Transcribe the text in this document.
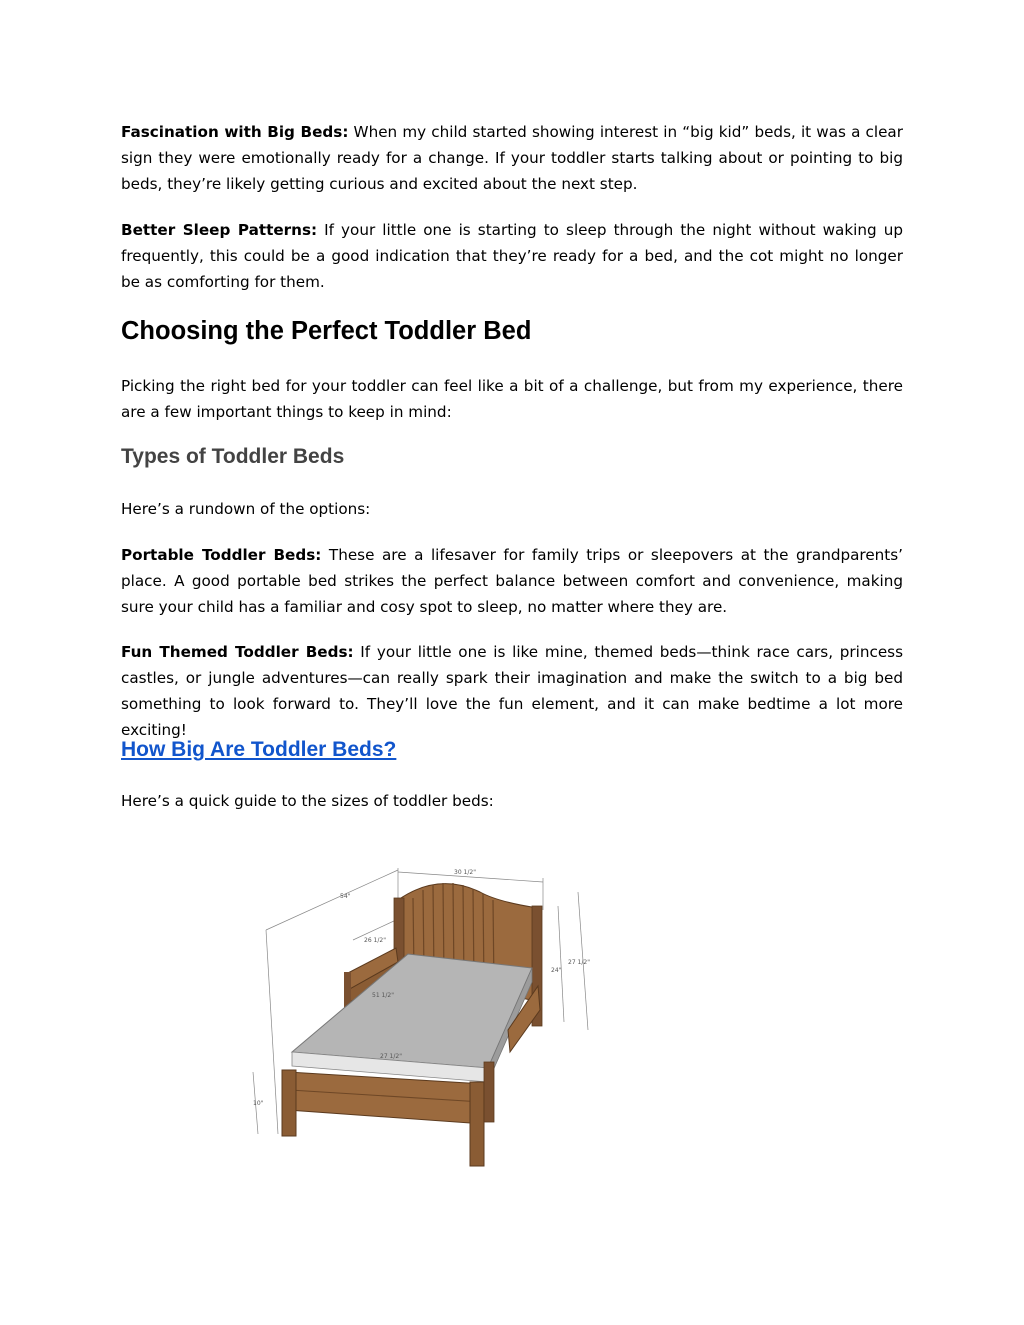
Fascination with Big Beds: When my child started showing interest in “big kid” beds, it was a clear sign they were emotionally ready for a change. If your toddler starts talking about or pointing to big beds, they’re likely getting curious and excited about the next step.

Better Sleep Patterns: If your little one is starting to sleep through the night without waking up frequently, this could be a good indication that they’re ready for a bed, and the cot might no longer be as comforting for them.

Choosing the Perfect Toddler Bed

Picking the right bed for your toddler can feel like a bit of a challenge, but from my experience, there are a few important things to keep in mind:

Types of Toddler Beds

Here’s a rundown of the options:

Portable Toddler Beds: These are a lifesaver for family trips or sleepovers at the grandparents’ place. A good portable bed strikes the perfect balance between comfort and convenience, making sure your child has a familiar and cosy spot to sleep, no matter where they are.

Fun Themed Toddler Beds: If your little one is like mine, themed beds—think race cars, princess castles, or jungle adventures—can really spark their imagination and make the switch to a big bed something to look forward to. They’ll love the fun element, and it can make bedtime a lot more exciting!

How Big Are Toddler Beds?

Here’s a quick guide to the sizes of toddler beds:

30 1/2"
54"
26 1/2"
51 1/2"
27 1/2"
27 1/2"
24"
10"
